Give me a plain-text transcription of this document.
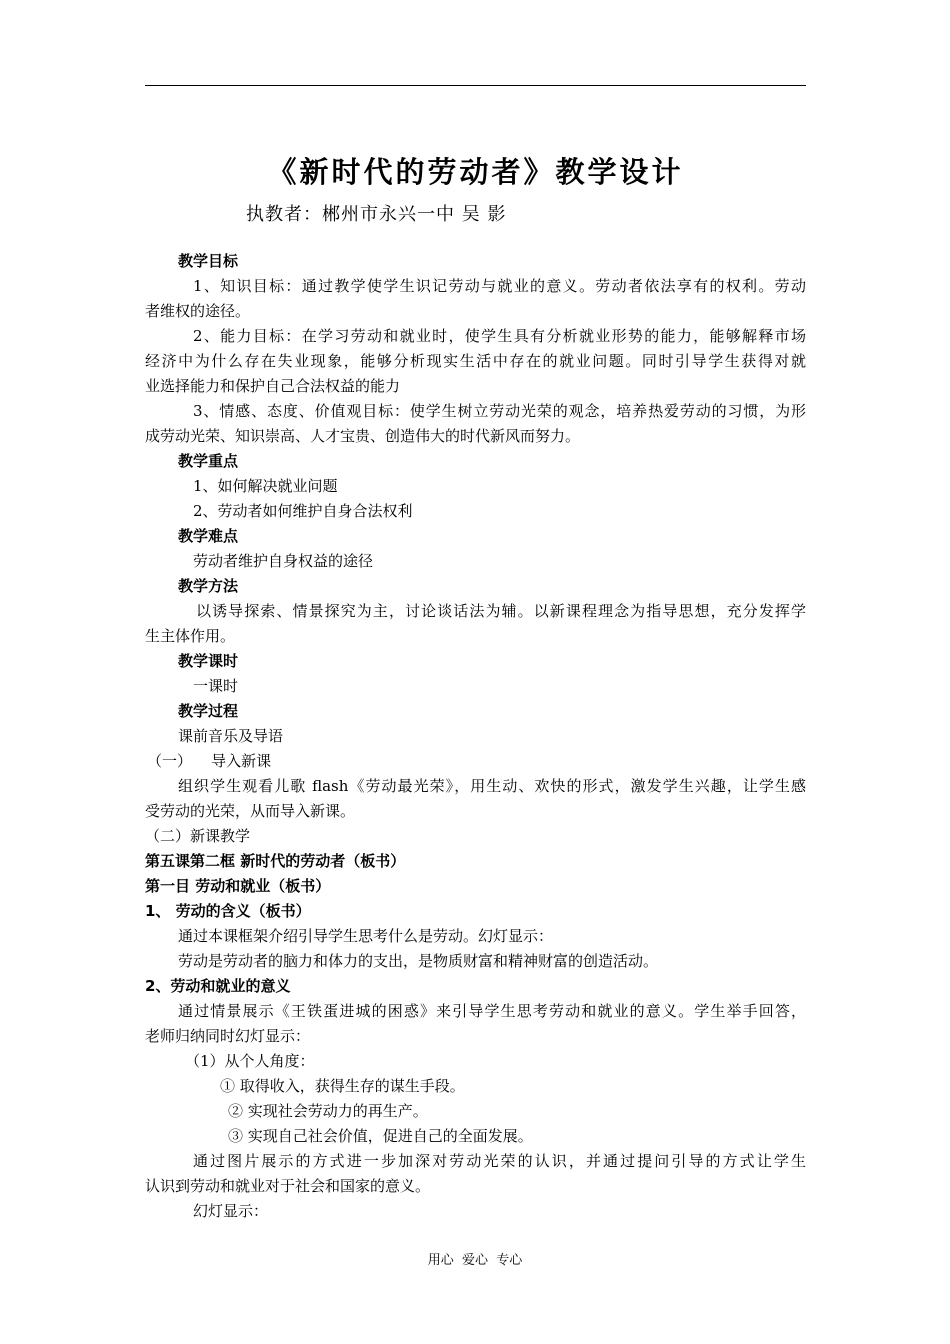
《新时代的劳动者》教学设计
执教者：郴州市永兴一中 吴 影
教学目标
1、知识目标：通过教学使学生识记劳动与就业的意义。劳动者依法享有的权利。劳动
者维权的途径。
2、能力目标：在学习劳动和就业时，使学生具有分析就业形势的能力，能够解释市场
经济中为什么存在失业现象，能够分析现实生活中存在的就业问题。同时引导学生获得对就
业选择能力和保护自己合法权益的能力
3、情感、态度、价值观目标：使学生树立劳动光荣的观念，培养热爱劳动的习惯，为形
成劳动光荣、知识崇高、人才宝贵、创造伟大的时代新风而努力。
教学重点
1、如何解决就业问题
2、劳动者如何维护自身合法权利
教学难点
劳动者维护自身权益的途径
教学方法
以诱导探索、情景探究为主，讨论谈话法为辅。以新课程理念为指导思想，充分发挥学
生主体作用。
教学课时
一课时
教学过程
课前音乐及导语
（一）    导入新课
组织学生观看儿歌 flash《劳动最光荣》，用生动、欢快的形式，激发学生兴趣，让学生感
受劳动的光荣，从而导入新课。
（二）新课教学
第五课第二框 新时代的劳动者（板书）
第一目 劳动和就业（板书）
1、 劳动的含义（板书）
通过本课框架介绍引导学生思考什么是劳动。幻灯显示：
劳动是劳动者的脑力和体力的支出，是物质财富和精神财富的创造活动。
2、劳动和就业的意义
通过情景展示《王铁蛋进城的困惑》来引导学生思考劳动和就业的意义。学生举手回答，
老师归纳同时幻灯显示：
（1）从个人角度：
① 取得收入，获得生存的谋生手段。
② 实现社会劳动力的再生产。
③ 实现自己社会价值，促进自己的全面发展。
通过图片展示的方式进一步加深对劳动光荣的认识，并通过提问引导的方式让学生
认识到劳动和就业对于社会和国家的意义。
幻灯显示：
用心  爱心  专心
